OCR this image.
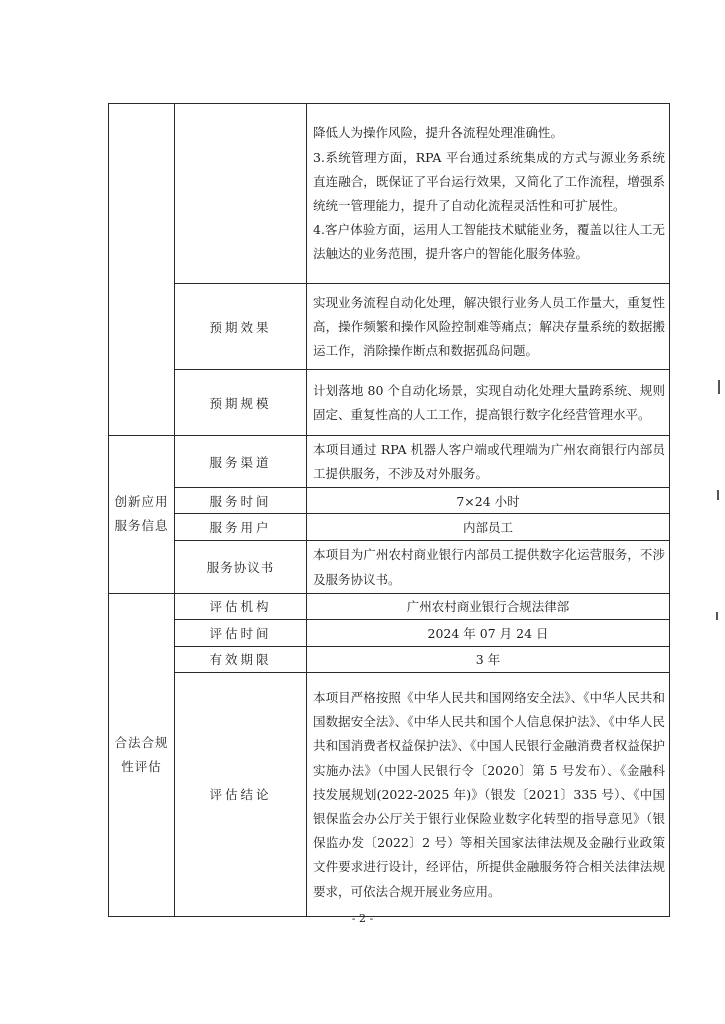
		降低人为操作风险，提升各流程处理准确性。

3.系统管理方面，RPA 平台通过系统集成的方式与源业务系统直连融合，既保证了平台运行效果，又简化了工作流程，增强系统统一管理能力，提升了自动化流程灵活性和可扩展性。

4.客户体验方面，运用人工智能技术赋能业务，覆盖以往人工无法触达的业务范围，提升客户的智能化服务体验。

	预期效果	实现业务流程自动化处理，解决银行业务人员工作量大，重复性高，操作频繁和操作风险控制难等痛点；解决存量系统的数据搬运工作，消除操作断点和数据孤岛问题。
	预期规模	计划落地 80 个自动化场景，实现自动化处理大量跨系统、规则固定、重复性高的人工工作，提高银行数字化经营管理水平。
创新应用服务信息	服务渠道	本项目通过 RPA 机器人客户端或代理端为广州农商银行内部员工提供服务，不涉及对外服务。
	服务时间	7×24 小时
	服务用户	内部员工
	服务协议书	本项目为广州农村商业银行内部员工提供数字化运营服务，不涉及服务协议书。
合法合规性评估	评估机构	广州农村商业银行合规法律部
	评估时间	2024 年 07 月 24 日
	有效期限	3 年
	评估结论	本项目严格按照《中华人民共和国网络安全法》、《中华人民共和国数据安全法》、《中华人民共和国个人信息保护法》、《中华人民共和国消费者权益保护法》、《中国人民银行金融消费者权益保护实施办法》（中国人民银行令〔2020〕第 5 号发布）、《金融科技发展规划(2022-2025 年)》（银发〔2021〕335 号）、《中国银保监会办公厅关于银行业保险业数字化转型的指导意见》（银保监办发〔2022〕2 号）等相关国家法律法规及金融行业政策文件要求进行设计，经评估，所提供金融服务符合相关法律法规要求，可依法合规开展业务应用。
- 2 -
